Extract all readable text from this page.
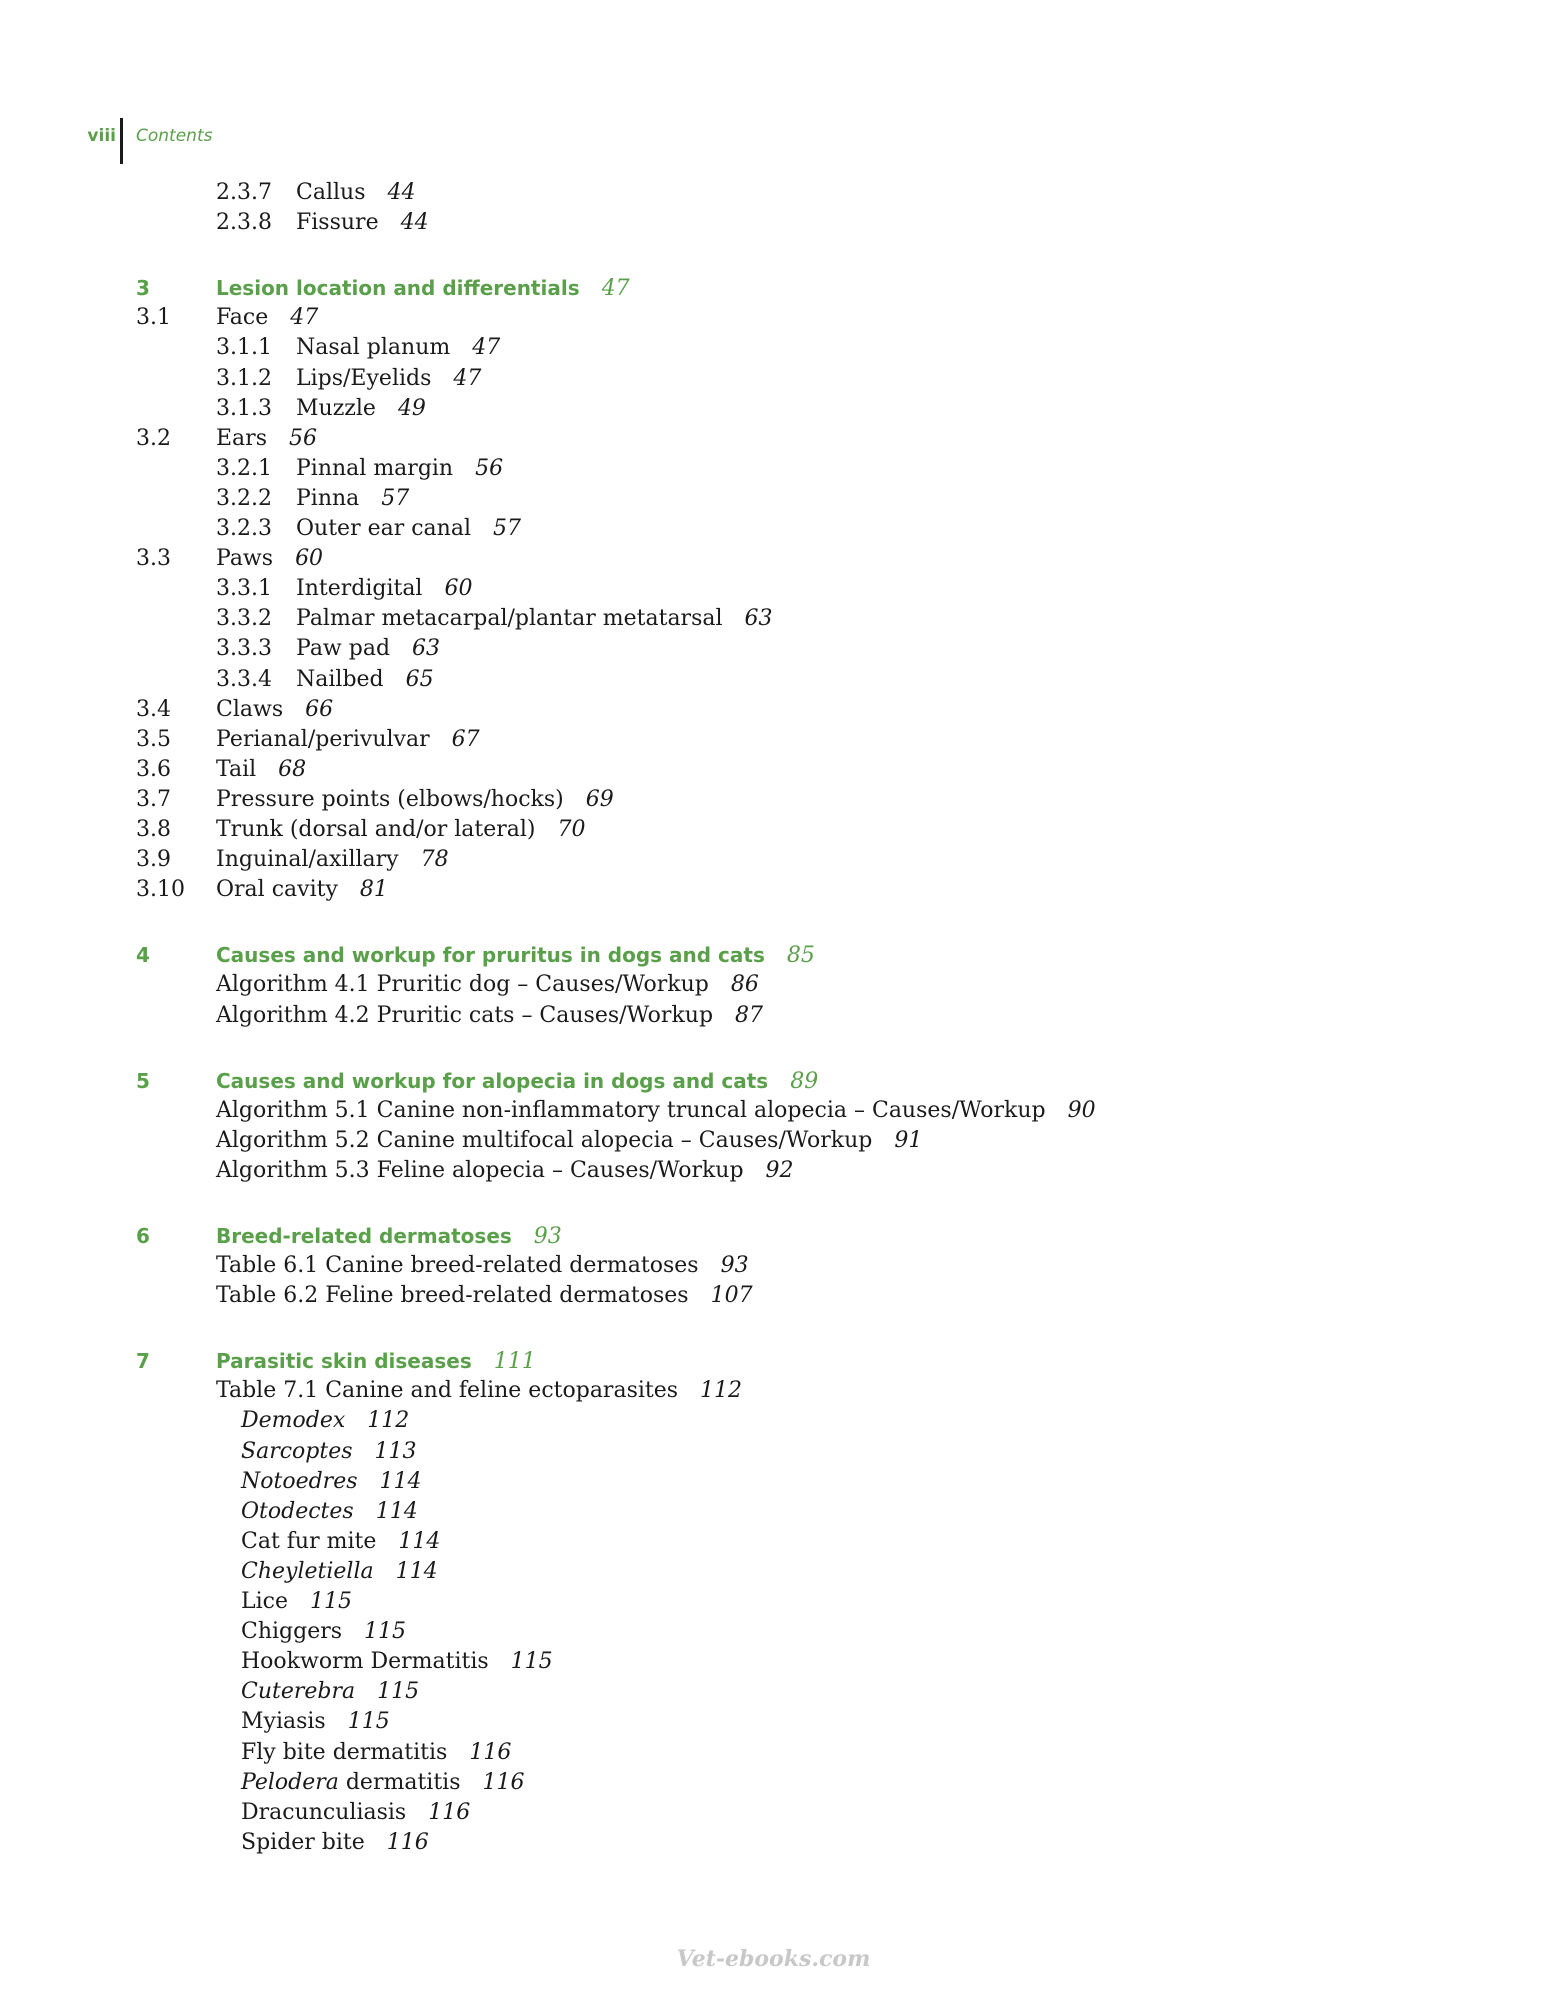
viii Contents
2.3.7 Callus 44
2.3.8 Fissure 44
3	Lesion location and differentials 47
3.1 Face 47
3.1.1 Nasal planum 47
3.1.2 Lips/Eyelids 47
3.1.3 Muzzle 49
3.2 Ears 56
3.2.1 Pinnal margin 56
3.2.2 Pinna 57
3.2.3 Outer ear canal 57
3.3 Paws 60
3.3.1 Interdigital 60
3.3.2 Palmar metacarpal/plantar metatarsal 63
3.3.3 Paw pad 63
3.3.4 Nailbed 65
3.4 Claws 66
3.5 Perianal/perivulvar 67
3.6 Tail 68
3.7 Pressure points (elbows/hocks) 69
3.8 Trunk (dorsal and/or lateral) 70
3.9 Inguinal/axillary 78
3.10 Oral cavity 81
4	Causes and workup for pruritus in dogs and cats 85
Algorithm 4.1 Pruritic dog – Causes/Workup 86
Algorithm 4.2 Pruritic cats – Causes/Workup 87
5	Causes and workup for alopecia in dogs and cats 89
Algorithm 5.1 Canine non-inflammatory truncal alopecia – Causes/Workup 90
Algorithm 5.2 Canine multifocal alopecia – Causes/Workup 91
Algorithm 5.3 Feline alopecia – Causes/Workup 92
6	Breed-related dermatoses 93
Table 6.1 Canine breed-related dermatoses 93
Table 6.2 Feline breed-related dermatoses 107
7	Parasitic skin diseases 111
Table 7.1 Canine and feline ectoparasites 112
Demodex 112
Sarcoptes 113
Notoedres 114
Otodectes 114
Cat fur mite 114
Cheyletiella 114
Lice 115
Chiggers 115
Hookworm Dermatitis 115
Cuterebra 115
Myiasis 115
Fly bite dermatitis 116
Pelodera dermatitis 116
Dracunculiasis 116
Spider bite 116
Vet-ebooks.com
